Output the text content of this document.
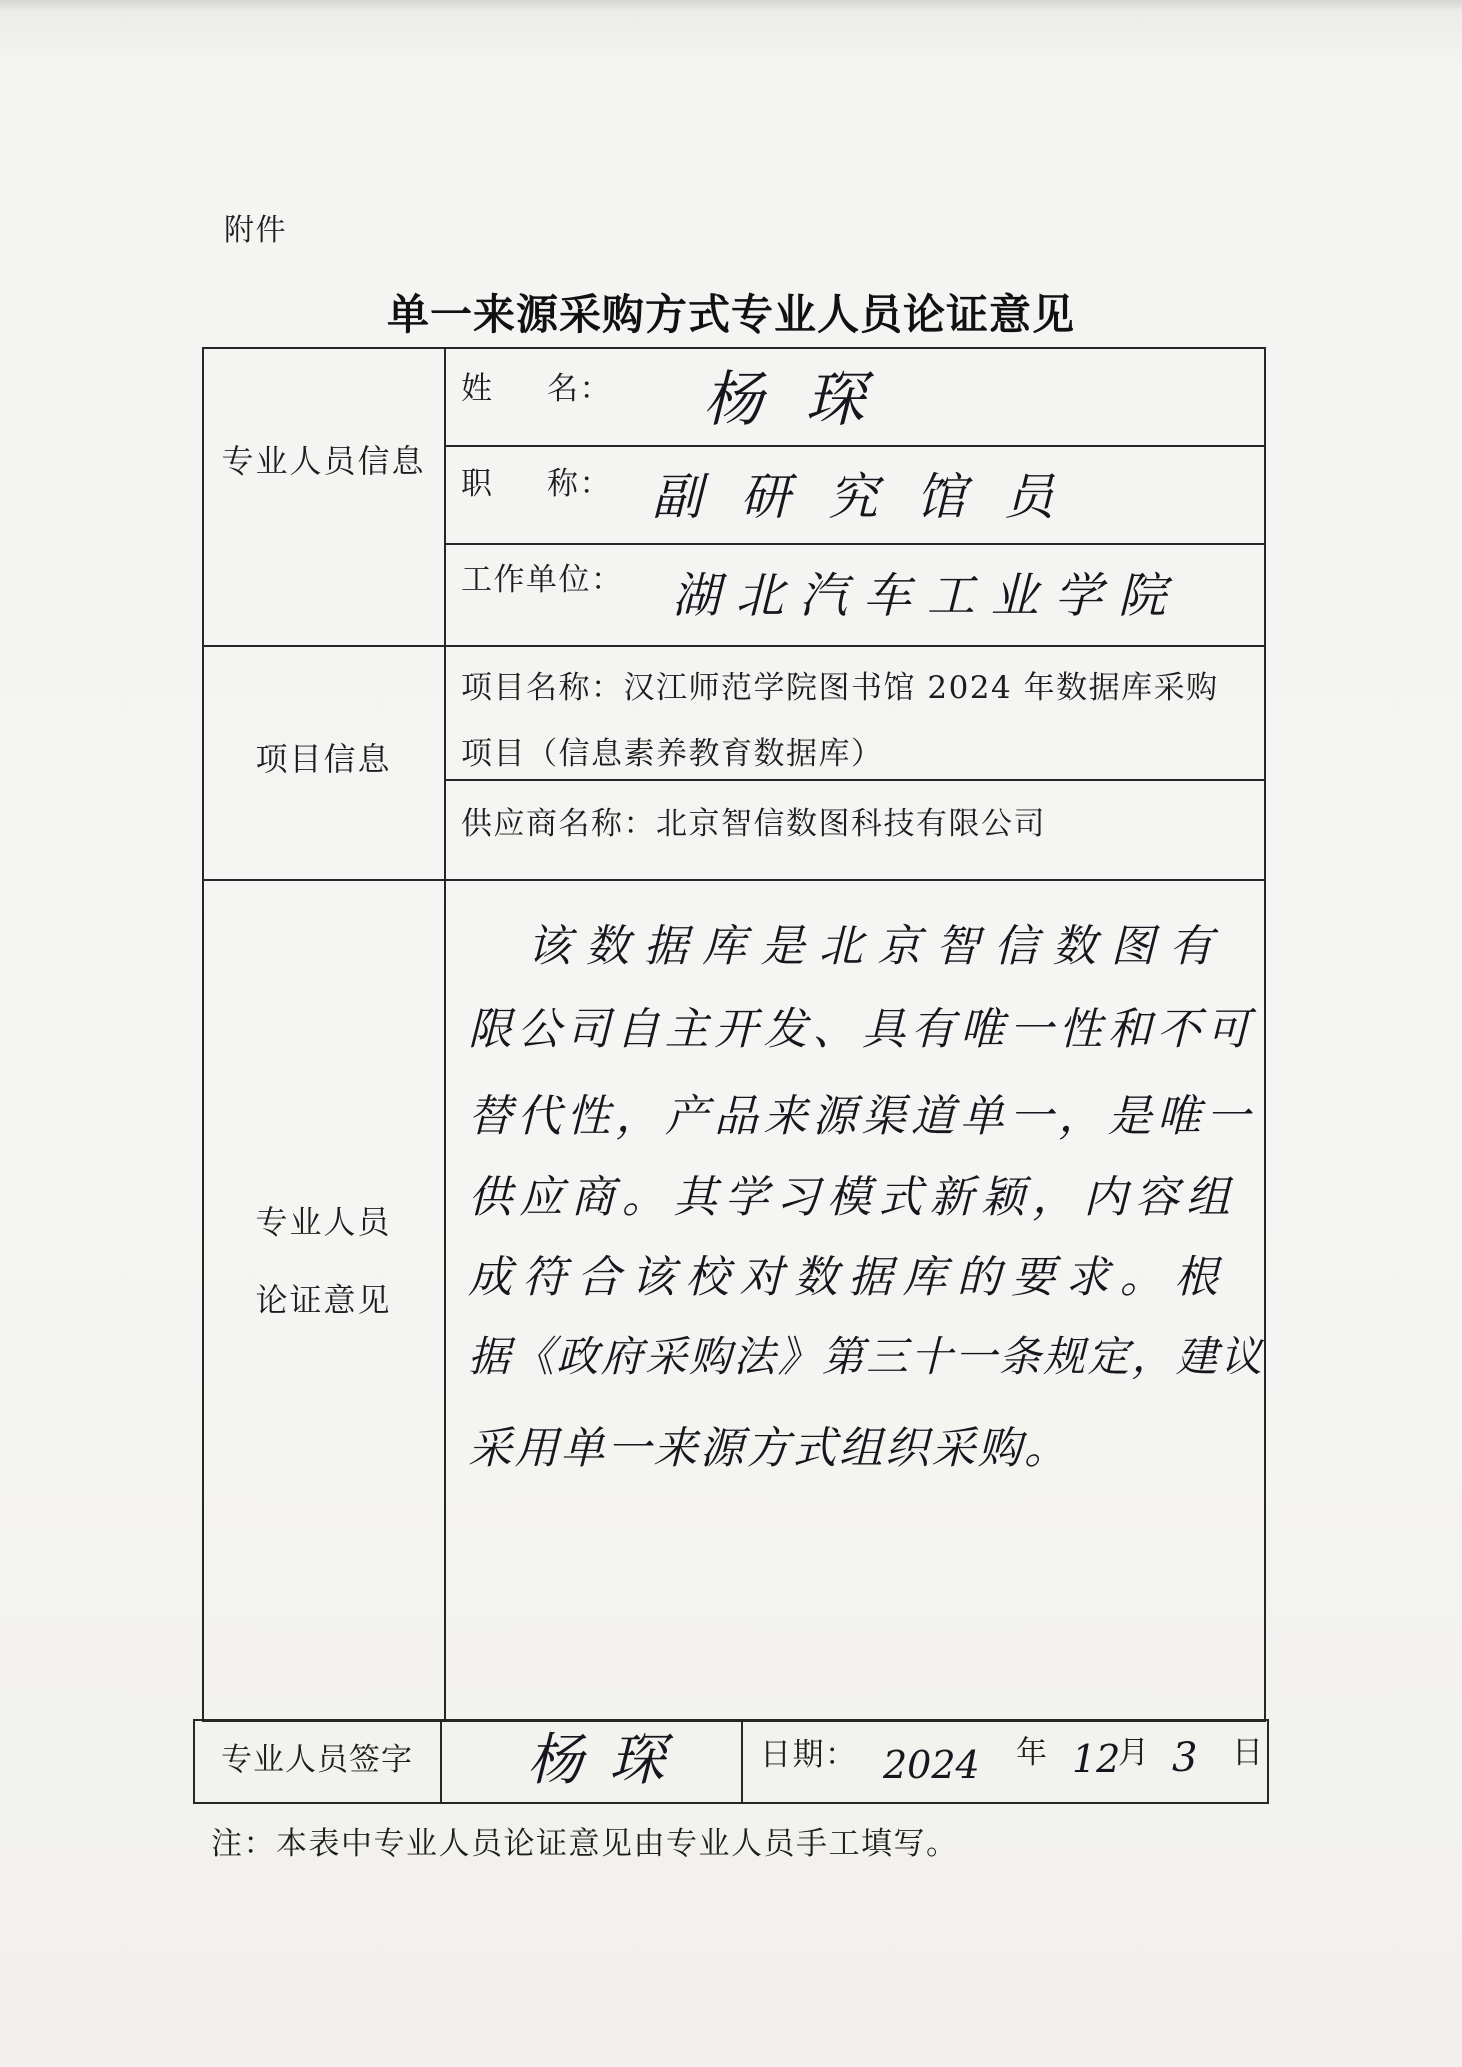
附件
单一来源采购方式专业人员论证意见
专业人员信息
姓 名： 杨琛
职 称： 副研究馆员
工作单位： 湖北汽车工业学院
项目信息
项目名称：汉江师范学院图书馆 2024 年数据库采购
项目（信息素养教育数据库）
供应商名称：北京智信数图科技有限公司
专业人员
论证意见
该数据库是北京智信数图有
限公司自主开发、具有唯一性和不可
替代性，产品来源渠道单一，是唯一
供应商。其学习模式新颖，内容组
成符合该校对数据库的要求。根
据《政府采购法》第三十一条规定，建议
采用单一来源方式组织采购。
专业人员签字	杨琛 日期： 2024 年 12
月 3 日
注：本表中专业人员论证意见由专业人员手工填写。
